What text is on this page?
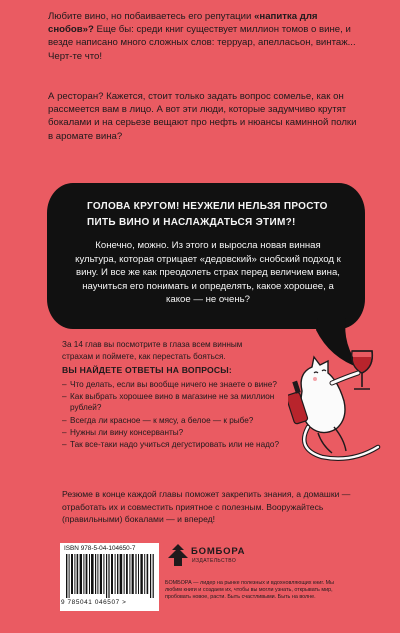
Любите вино, но побаиваетесь его репутации «напитка для снобов»? Еще бы: среди книг существует миллион томов о вине, и везде написано много сложных слов: терруар, апелласьон, винтаж... Черт-те что!

А ресторан? Кажется, стоит только задать вопрос сомелье, как он рассмеется вам в лицо. А вот эти люди, которые задумчиво крутят бокалами и на серьезе вещают про нефть и нюансы каминной полки в аромате вина?

ГОЛОВА КРУГОМ! НЕУЖЕЛИ НЕЛЬЗЯ ПРОСТО ПИТЬ ВИНО И НАСЛАЖДАТЬСЯ ЭТИМ?!

Конечно, можно. Из этого и выросла новая винная культура, которая отрицает «дедовский» снобский подход к вину. И все же как преодолеть страх перед величием вина, научиться его понимать и определять, какое хорошее, а какое — не очень?

За 14 глав вы посмотрите в глаза всем винным страхам и поймете, как перестать бояться.

ВЫ НАЙДЕТЕ ОТВЕТЫ НА ВОПРОСЫ:

– Что делать, если вы вообще ничего не знаете о вине?
– Как выбрать хорошее вино в магазине не за миллион рублей?
– Всегда ли красное — к мясу, а белое — к рыбе?
– Нужны ли вину консерванты?
– Так все-таки надо учиться дегустировать или не надо?

Резюме в конце каждой главы поможет закрепить знания, а домашки — отработать их и совместить приятное с полезным. Вооружайтесь (правильными) бокалами — и вперед!

ISBN 978-5-04-104650-7
9 785041 046507 >
БОМБОРА
ИЗДАТЕЛЬСТВО

БОМБОРА — лидер на рынке полезных и вдохновляющих книг. Мы любим книги и создаем их, чтобы вы могли узнать, открывать мир, пробовать новое, расти. Быть счастливыми. Быть на волне.
